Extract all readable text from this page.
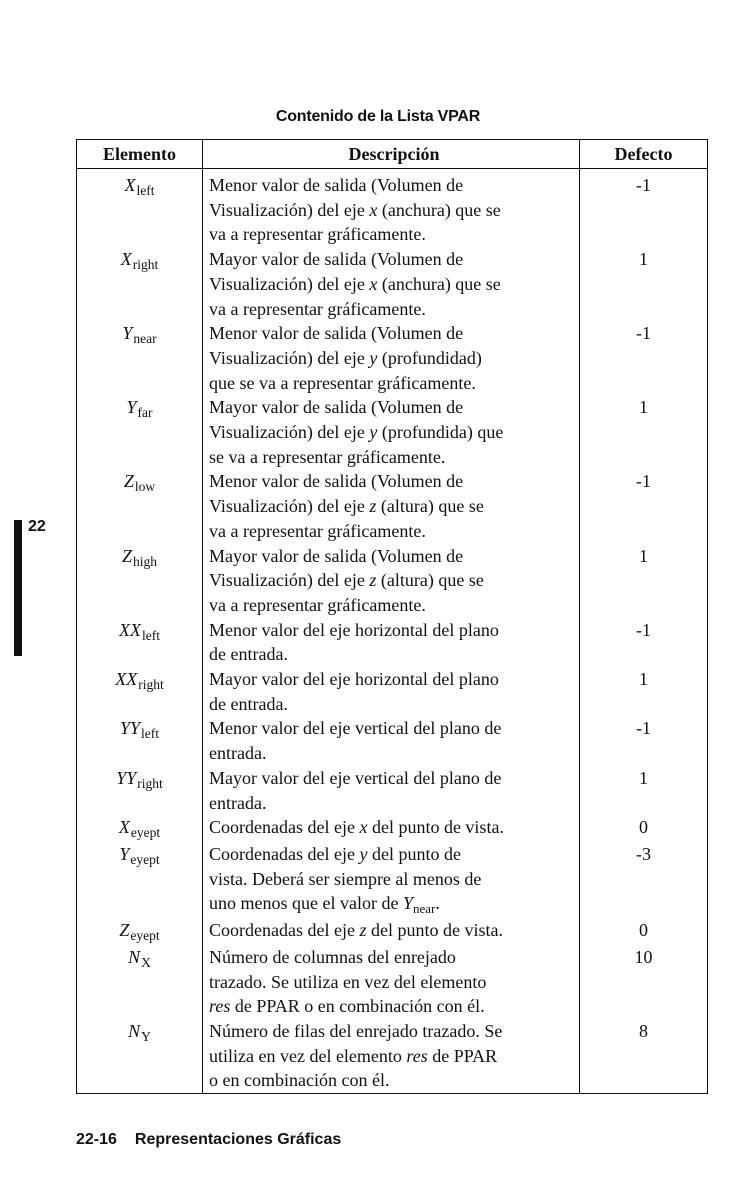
Contenido de la Lista VPAR
Elemento	Descripción	Defecto
$X_{left}$	Menor valor de salida (Volumen de
Visualización) del eje x (anchura) que se
va a representar gráficamente.	-1
$X_{right}$	Mayor valor de salida (Volumen de
Visualización) del eje x (anchura) que se
va a representar gráficamente.	1
$Y_{near}$	Menor valor de salida (Volumen de
Visualización) del eje y (profundidad)
que se va a representar gráficamente.	-1
$Y_{far}$	Mayor valor de salida (Volumen de
Visualización) del eje y (profundida) que
se va a representar gráficamente.	1
$Z_{low}$	Menor valor de salida (Volumen de
Visualización) del eje z (altura) que se
va a representar gráficamente.	-1
$Z_{high}$	Mayor valor de salida (Volumen de
Visualización) del eje z (altura) que se
va a representar gráficamente.	1
$XX_{left}$	Menor valor del eje horizontal del plano
de entrada.	-1
$XX_{right}$	Mayor valor del eje horizontal del plano
de entrada.	1
$YY_{left}$	Menor valor del eje vertical del plano de
entrada.	-1
$YY_{right}$	Mayor valor del eje vertical del plano de
entrada.	1
$X_{eyept}$	Coordenadas del eje x del punto de vista.	0
$Y_{eyept}$	Coordenadas del eje y del punto de
vista. Deberá ser siempre al menos de
uno menos que el valor de $Y_{near}$.	-3
$Z_{eyept}$	Coordenadas del eje z del punto de vista.	0
$N_X$	Número de columnas del enrejado
trazado. Se utiliza en vez del elemento
res de PPAR o en combinación con él.	10
$N_Y$	Número de filas del enrejado trazado. Se
utiliza en vez del elemento res de PPAR
o en combinación con él.	8
22
22-16 Representaciones Gráficas
